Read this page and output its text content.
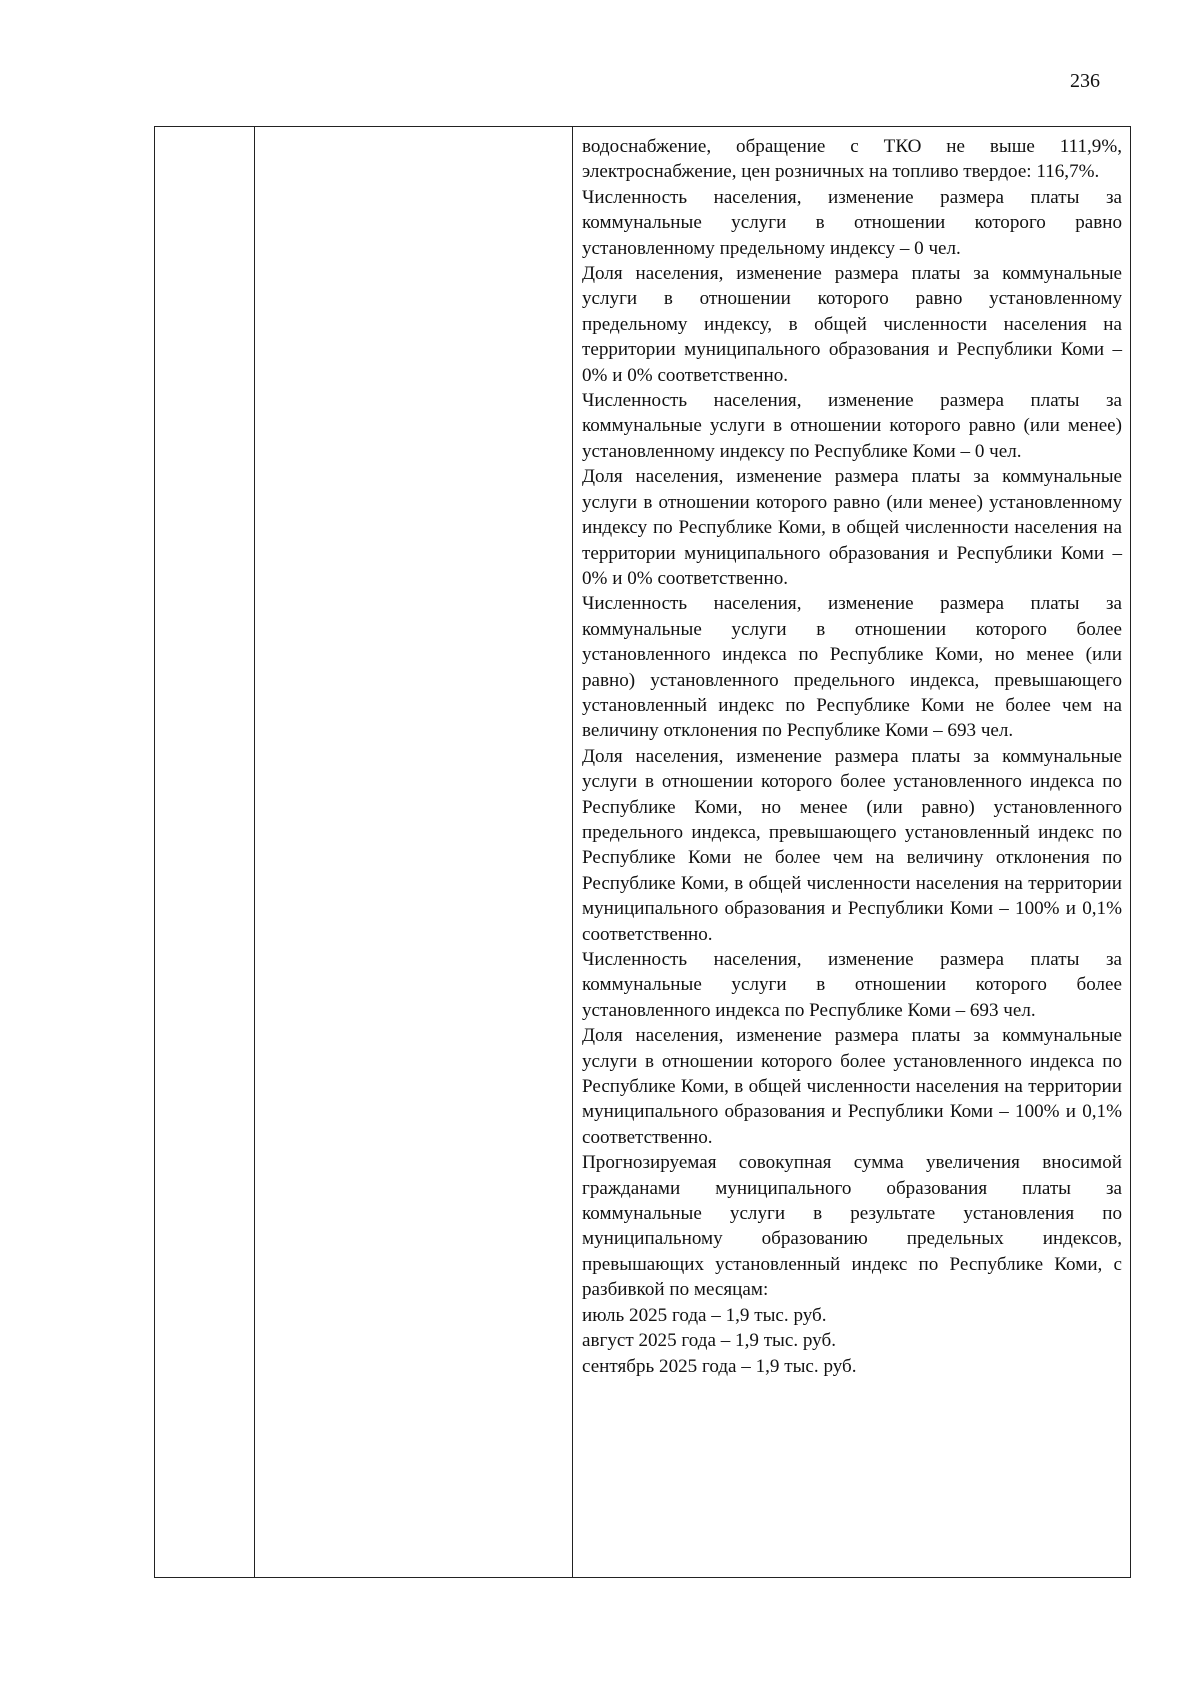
236

водоснабжение, обращение с ТКО не выше 111,9%, электроснабжение, цен розничных на топливо твердое: 116,7%.

Численность населения, изменение размера платы за коммунальные услуги в отношении которого равно установленному предельному индексу – 0 чел.

Доля населения, изменение размера платы за коммунальные услуги в отношении которого равно установленному предельному индексу, в общей численности населения на территории муниципального образования и Республики Коми – 0% и 0% соответственно.

Численность населения, изменение размера платы за коммунальные услуги в отношении которого равно (или менее) установленному индексу по Республике Коми – 0 чел.

Доля населения, изменение размера платы за коммунальные услуги в отношении которого равно (или менее) установленному индексу по Республике Коми, в общей численности населения на территории муниципального образования и Республики Коми – 0% и 0% соответственно.

Численность населения, изменение размера платы за коммунальные услуги в отношении которого более установленного индекса по Республике Коми, но менее (или равно) установленного предельного индекса, превышающего установленный индекс по Республике Коми не более чем на величину отклонения по Республике Коми – 693 чел.

Доля населения, изменение размера платы за коммунальные услуги в отношении которого более установленного индекса по Республике Коми, но менее (или равно) установленного предельного индекса, превышающего установленный индекс по Республике Коми не более чем на величину отклонения по Республике Коми, в общей численности населения на территории муниципального образования и Республики Коми – 100% и 0,1% соответственно.

Численность населения, изменение размера платы за коммунальные услуги в отношении которого более установленного индекса по Республике Коми – 693 чел.

Доля населения, изменение размера платы за коммунальные услуги в отношении которого более установленного индекса по Республике Коми, в общей численности населения на территории муниципального образования и Республики Коми – 100% и 0,1% соответственно.

Прогнозируемая совокупная сумма увеличения вносимой гражданами муниципального образования платы за коммунальные услуги в результате установления по муниципальному образованию предельных индексов, превышающих установленный индекс по Республике Коми, с разбивкой по месяцам:

июль 2025 года – 1,9 тыс. руб.

август 2025 года – 1,9 тыс. руб.

сентябрь 2025 года – 1,9 тыс. руб.
